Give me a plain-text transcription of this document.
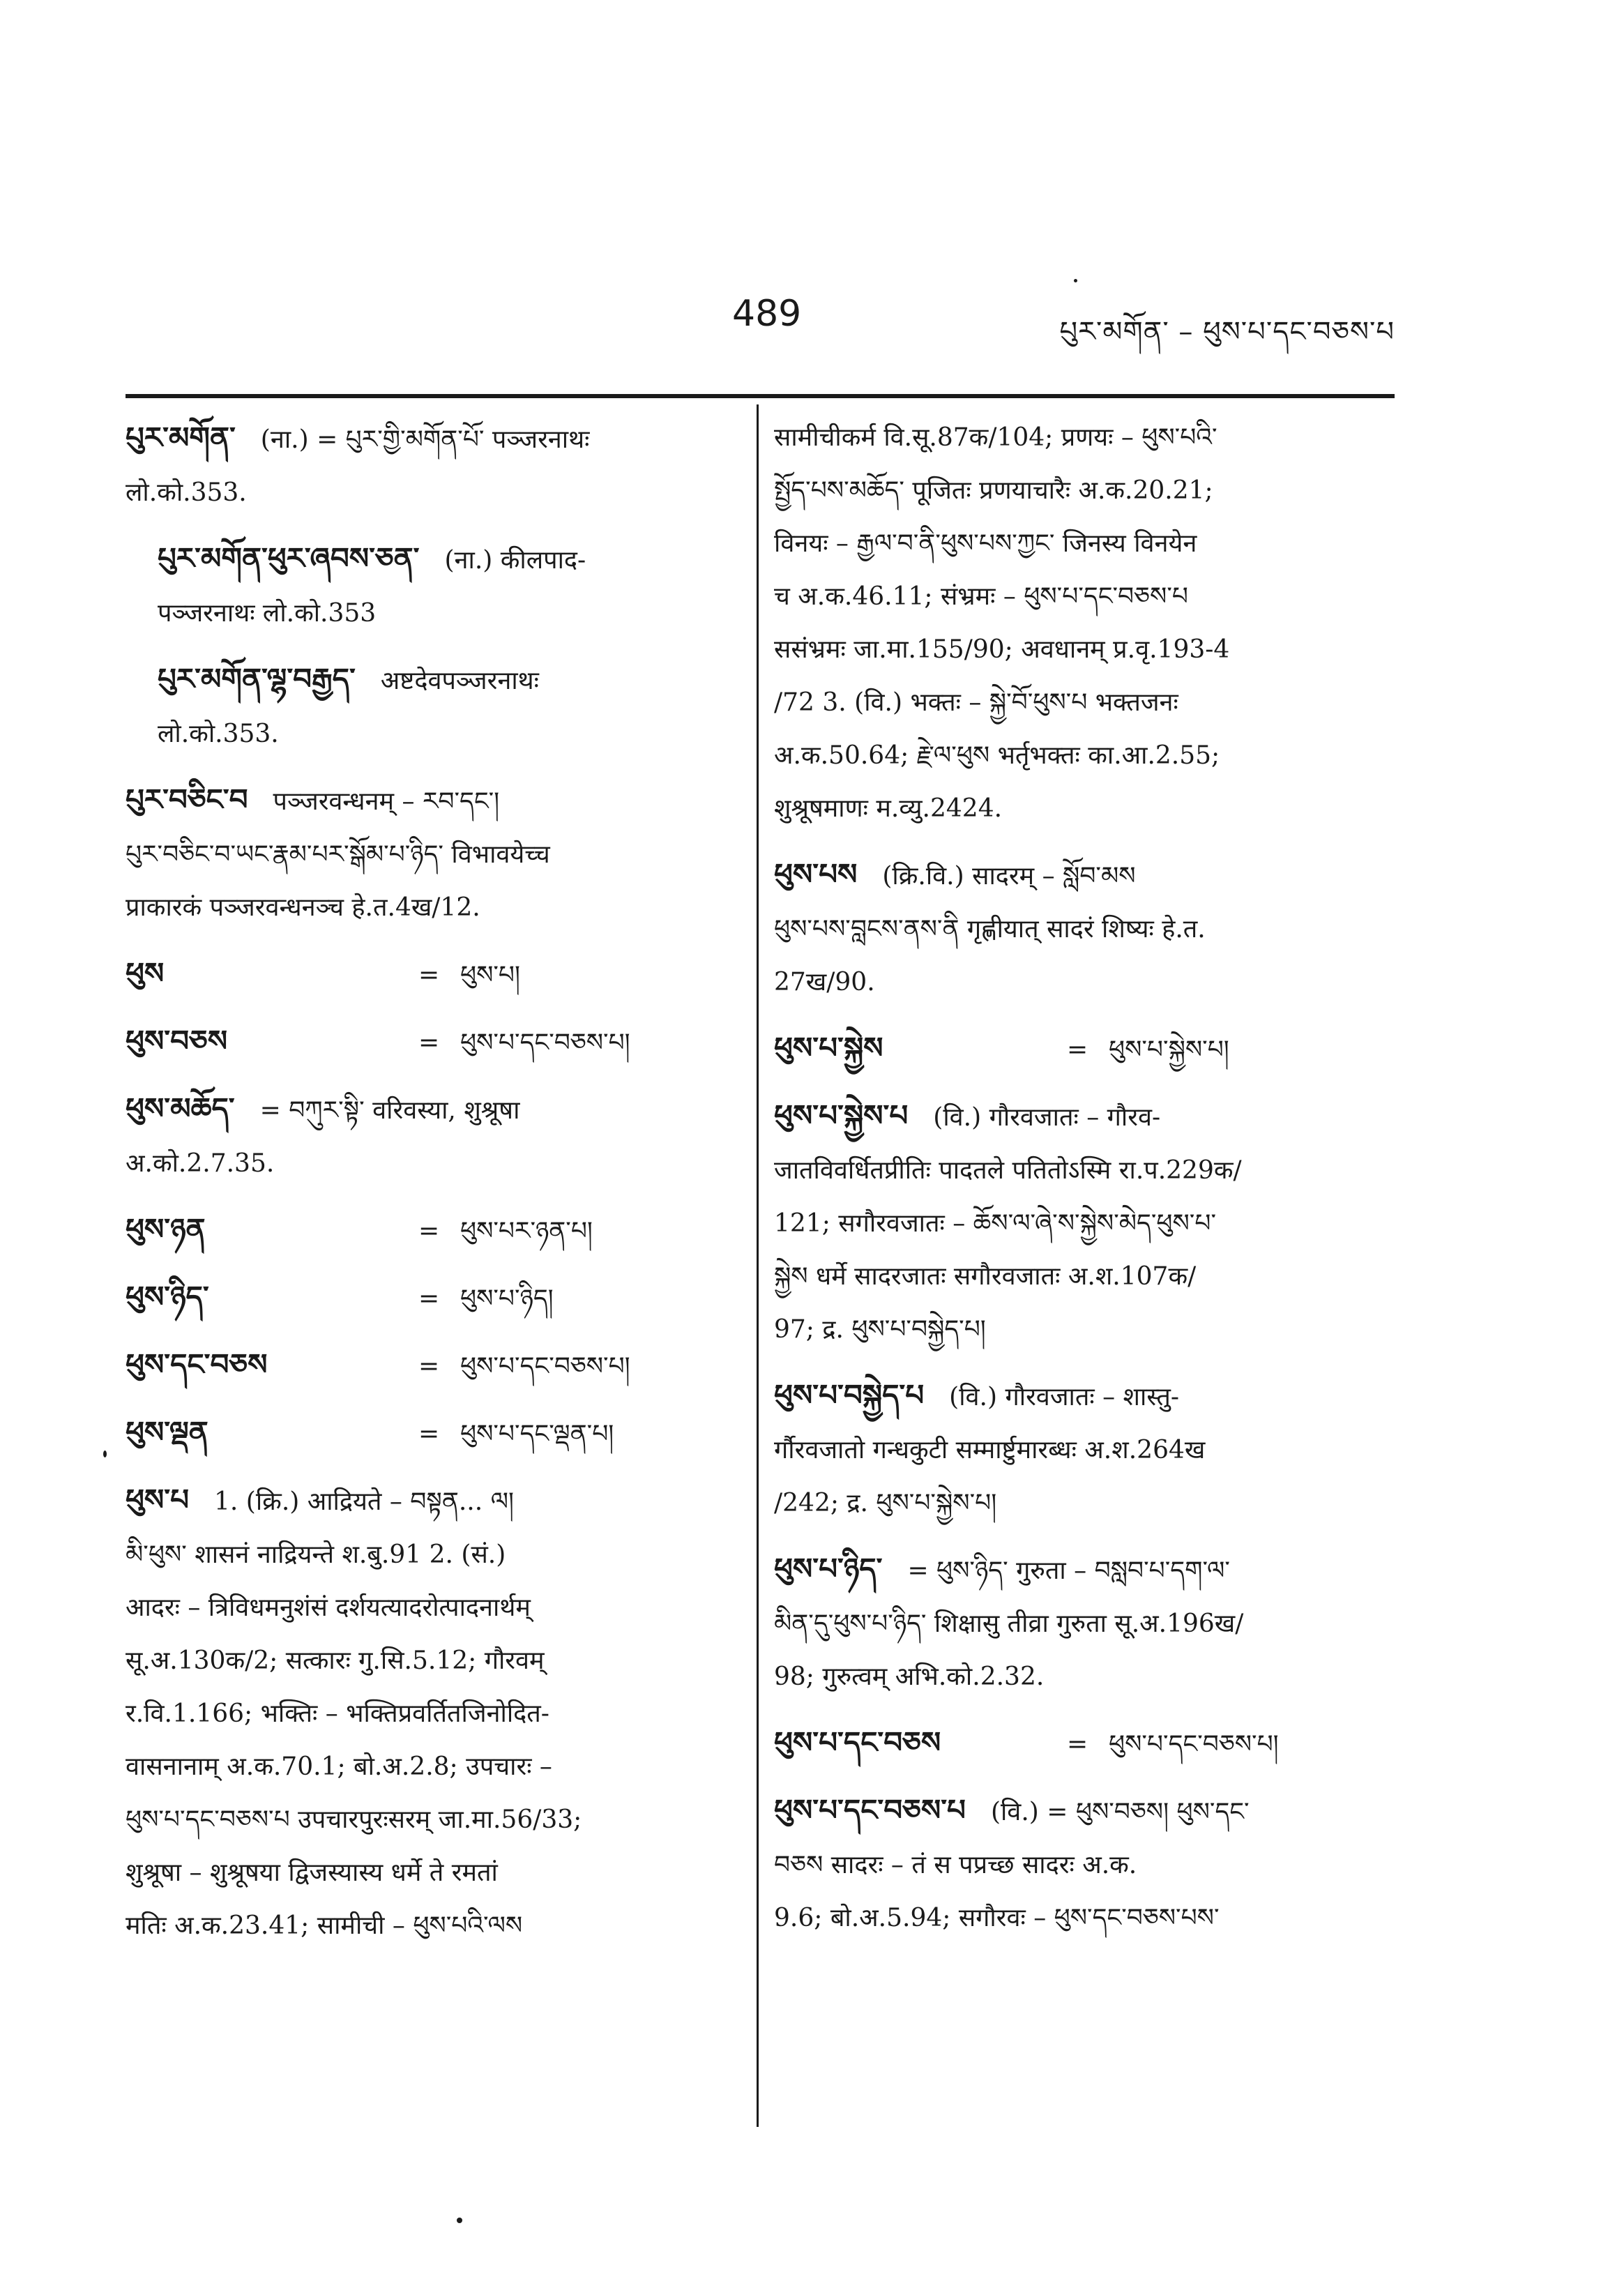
489	པུར་མགོན་ – ཕུས་པ་དང་བཅས་པ
པུར་མགོན་  (ना.) = པུར་གྱི་མགོན་པོ་ पञ्जरनाथः
लो.को.353.
པུར་མགོན་ཕུར་ཞབས་ཅན་  (ना.) कीलपाद-
पञ्जरनाथः लो.को.353
པུར་མགོན་ལྷ་བརྒྱད་  अष्टदेवपञ्जरनाथः
लो.को.353.
པུར་བཅིང་བ  पञ्जरवन्धनम् – རབ་དང་།
པུར་བཅིང་བ་ཡང་རྣམ་པར་སྒོམ་པ་ཉིད་ विभावयेच्च
प्राकारकं पञ्जरवन्धनञ्च हे.त.4ख/12.
ཕུས	= ཕུས་པ།
ཕུས་བཅས	= ཕུས་པ་དང་བཅས་པ།
ཕུས་མཆོད་  = བཀུར་སྟི་ वरिवस्या, शुश्रूषा
अ.को.2.7.35.
ཕུས་ཉན	= ཕུས་པར་ཉན་པ།
ཕུས་ཉིད་	= ཕུས་པ་ཉིད།
ཕུས་དང་བཅས	= ཕུས་པ་དང་བཅས་པ།
ཕུས་ལྡན	= ཕུས་པ་དང་ལྡན་པ།
ཕུས་པ  1. (क्रि.) आद्रियते – བསྟན... ལ།
མི་ཕུས་ शासनं नाद्रियन्ते श.बु.91 2. (सं.)
आदरः – त्रिविधमनुशंसं दर्शयत्यादरोत्पादनार्थम्
सू.अ.130क/2; सत्कारः गु.सि.5.12; गौरवम्
र.वि.1.166; भक्तिः – भक्तिप्रवर्तितजिनोदित-
वासनानाम् अ.क.70.1; बो.अ.2.8; उपचारः –
ཕུས་པ་དང་བཅས་པ उपचारपुरःसरम् जा.मा.56/33;
शुश्रूषा – शुश्रूषया द्विजस्यास्य धर्मे ते रमतां
मतिः अ.क.23.41; सामीची – ཕུས་པའི་ལས
सामीचीकर्म वि.सू.87क/104; प्रणयः – ཕུས་པའི་
སྤྱོད་པས་མཆོད་ पूजितः प्रणयाचारैः अ.क.20.21;
विनयः – རྒྱལ་བ་ནི་ཕུས་པས་ཀྱང་ जिनस्य विनयेन
च अ.क.46.11; संभ्रमः – ཕུས་པ་དང་བཅས་པ
ससंभ्रमः जा.मा.155/90; अवधानम् प्र.वृ.193-4
/72 3. (वि.) भक्तः – སྐྱེ་བོ་ཕུས་པ भक्तजनः
अ.क.50.64; རྗེ་ལ་ཕུས भर्तृभक्तः का.आ.2.55;
शुश्रूषमाणः म.व्यु.2424.
ཕུས་པས  (क्रि.वि.) सादरम् – སློབ་མས
ཕུས་པས་བླངས་ནས་ནི गृह्णीयात् सादरं शिष्यः हे.त.
27ख/90.
ཕུས་པ་སྐྱེས	= ཕུས་པ་སྐྱེས་པ།
ཕུས་པ་སྐྱེས་པ  (वि.) गौरवजातः – गौरव-
जातविवर्धितप्रीतिः पादतले पतितोऽस्मि रा.प.229क/
121; सगौरवजातः – ཆོས་ལ་ཞེ་ས་སྐྱེས་མེད་ཕུས་པ་
སྐྱེས धर्मे सादरजातः सगौरवजातः अ.श.107क/
97; द्र. ཕུས་པ་བསྐྱེད་པ།
ཕུས་པ་བསྐྱེད་པ  (वि.) गौरवजातः – शास्तु-
र्गौरवजातो गन्धकुटी सम्मार्ष्टुमारब्धः अ.श.264ख
/242; द्र. ཕུས་པ་སྐྱེས་པ།
ཕུས་པ་ཉིད་  = ཕུས་ཉིད་ गुरुता – བསླབ་པ་དག་ལ་
མིན་དུ་ཕུས་པ་ཉིད་ शिक्षासु तीव्रा गुरुता सू.अ.196ख/
98; गुरुत्वम् अभि.को.2.32.
ཕུས་པ་དང་བཅས	= ཕུས་པ་དང་བཅས་པ།
ཕུས་པ་དང་བཅས་པ  (वि.) = ཕུས་བཅས། ཕུས་དང་
བཅས सादरः – तं स पप्रच्छ सादरः अ.क.
9.6; बो.अ.5.94; सगौरवः – ཕུས་དང་བཅས་པས་
